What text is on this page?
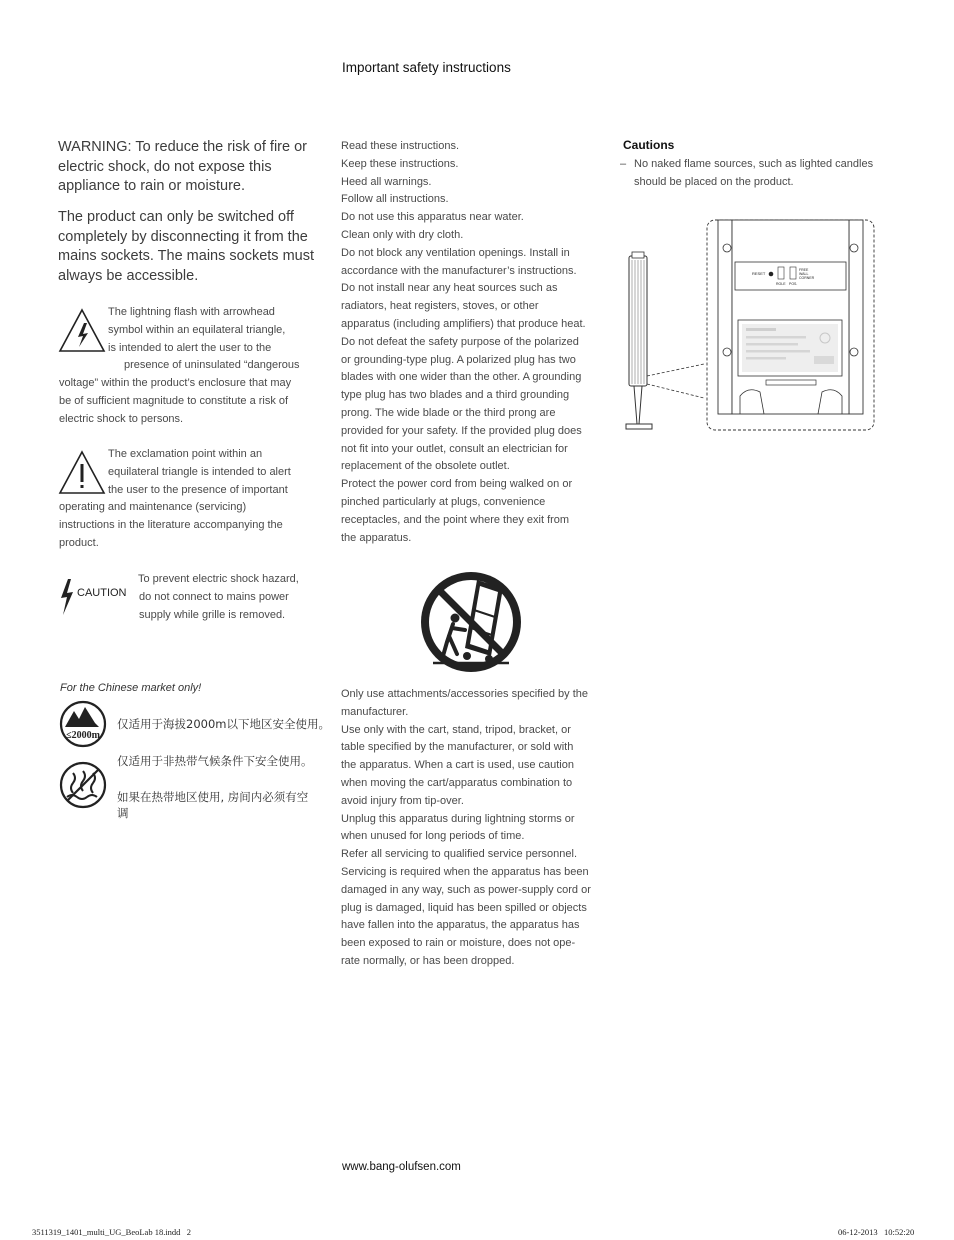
Important safety instructions
WARNING: To reduce the risk of fire or electric shock, do not expose this appliance to rain or moisture.
The product can only be switched off completely by disconnecting it from the mains sockets. The mains sockets must always be accessible.
The lightning flash with arrowhead
symbol within an equilateral triangle,
is intended to alert the user to the
presence of uninsulated “dangerous
voltage” within the product’s enclosure that may
be of sufficient magnitude to constitute a risk of
electric shock to persons.
The exclamation point within an
equilateral triangle is intended to alert
the user to the presence of important
operating and maintenance (servicing)
instructions in the literature accompanying the
product.
CAUTION
To prevent electric shock hazard,
do not connect to mains power
supply while grille is removed.
For the Chinese market only!
≤2000m
仅适用于海拔2000m以下地区安全使用。
仅适用于非热带气候条件下安全使用。
如果在热带地区使用, 房间内必须有空
调
Read these instructions.
Keep these instructions.
Heed all warnings.
Follow all instructions.
Do not use this apparatus near water.
Clean only with dry cloth.
Do not block any ventilation openings. Install in
accordance with the manufacturer’s instructions.
Do not install near any heat sources such as
radiators, heat registers, stoves, or other
apparatus (including amplifiers) that produce heat.
Do not defeat the safety purpose of the polarized
or grounding-type plug. A polarized plug has two
blades with one wider than the other. A grounding
type plug has two blades and a third grounding
prong. The wide blade or the third prong are
provided for your safety. If the provided plug does
not fit into your outlet, consult an electrician for
replacement of the obsolete outlet.
Protect the power cord from being walked on or
pinched particularly at plugs, convenience
receptacles, and the point where they exit from
the apparatus.
Only use attachments/accessories specified by the
manufacturer.
Use only with the cart, stand, tripod, bracket, or
table specified by the manufacturer, or sold with
the apparatus. When a cart is used, use caution
when moving the cart/apparatus combination to
avoid injury from tip-over.
Unplug this apparatus during lightning storms or
when unused for long periods of time.
Refer all servicing to qualified service personnel.
Servicing is required when the apparatus has been
damaged in any way, such as power-supply cord or
plug is damaged, liquid has been spilled or objects
have fallen into the apparatus, the apparatus has
been exposed to rain or moisture, does not ope-
rate normally, or has been dropped.
Cautions
– No naked flame sources, such as lighted candles should be placed on the product.
RESET
FREE
WALL
CORNER
ROLE POS.
www.bang-olufsen.com
3511319_1401_multi_UG_BeoLab 18.indd   2	06-12-2013   10:52:20
